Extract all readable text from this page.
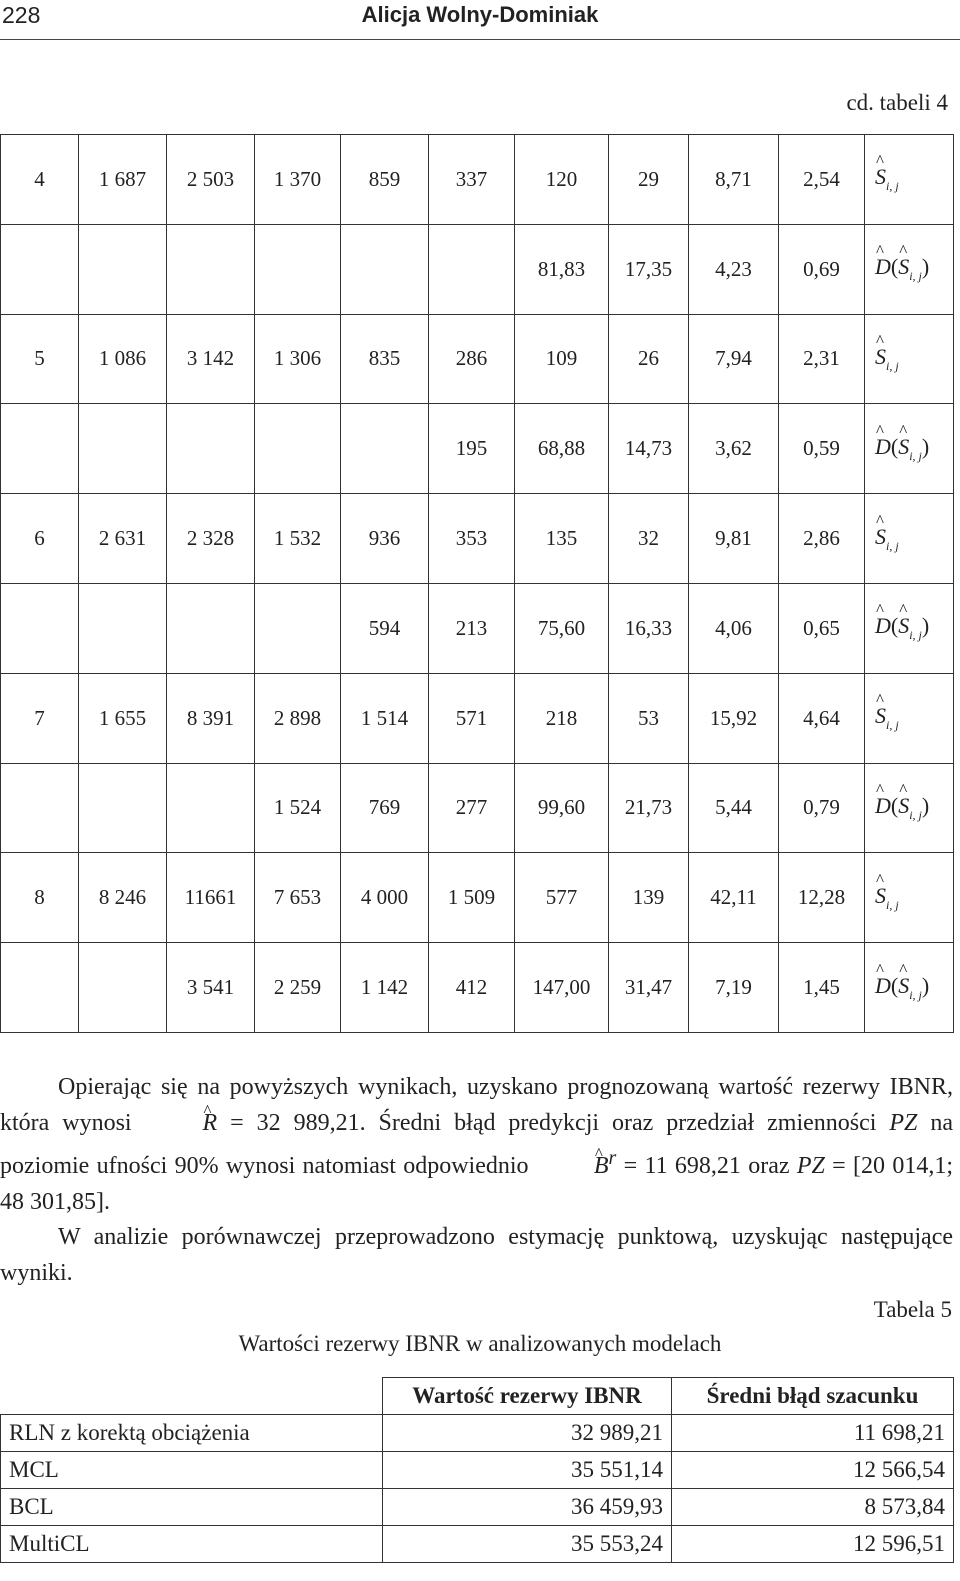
228	Alicja Wolny-Dominiak
cd. tabeli 4
4	1 687	2 503	1 370	859	337	120	29	8,71	2,54	^ $S_{i, j}$
						81,83	17,35	4,23	0,69	^ D(^ $S_{i, j}$)
5	1 086	3 142	1 306	835	286	109	26	7,94	2,31	^ $S_{i, j}$
					195	68,88	14,73	3,62	0,59	^ D(^ $S_{i, j}$)
6	2 631	2 328	1 532	936	353	135	32	9,81	2,86	^ $S_{i, j}$
				594	213	75,60	16,33	4,06	0,65	^ D(^ $S_{i, j}$)
7	1 655	8 391	2 898	1 514	571	218	53	15,92	4,64	^ $S_{i, j}$
			1 524	769	277	99,60	21,73	5,44	0,79	^ D(^ $S_{i, j}$)
8	8 246	11661	7 653	4 000	1 509	577	139	42,11	12,28	^ $S_{i, j}$
		3 541	2 259	1 142	412	147,00	31,47	7,19	1,45	^ D(^ $S_{i, j}$)
Tabela 5
Wartości rezerwy IBNR w analizowanych modelach
	Wartość rezerwy IBNR	Średni błąd szacunku
RLN z korektą obciążenia	32 989,21	11 698,21
MCL	35 551,14	12 566,54
BCL	36 459,93	8 573,84
MultiCL	35 553,24	12 596,51

Opierając się na powyższych wynikach, uzyskano prognozowaną wartość rezerwy IBNR, która wynosi ^ R = 32 989,21. Średni błąd predykcji oraz przedział zmienności PZ na poziomie ufności 90% wynosi natomiast odpowiednio ^ $B^r = 11$ 698,21 oraz PZ = [20 014,1; 48 301,85].

W analizie porównawczej przeprowadzono estymację punktową, uzyskując następujące wyniki.
